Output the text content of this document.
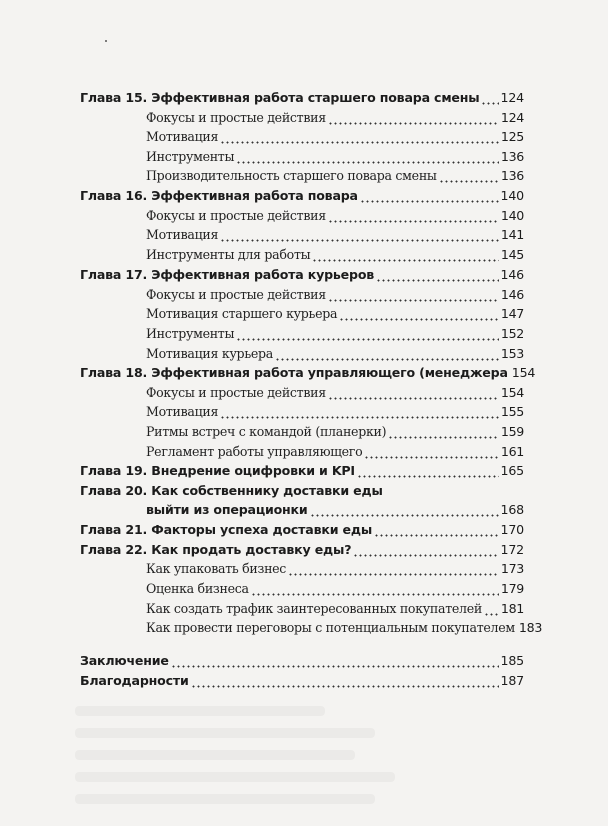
Глава 15. Эффективная работа старшего повара смены 124
Фокусы и простые действия	124
Мотивация	125
Инструменты	136
Производительность старшего повара смены	136
Глава 16. Эффективная работа повара	140
Фокусы и простые действия	140
Мотивация	141
Инструменты для работы	145
Глава 17. Эффективная работа курьеров	146
Фокусы и простые действия	146
Мотивация старшего курьера	147
Инструменты	152
Мотивация курьера	153
Глава 18. Эффективная работа управляющего (менеджера 154
Фокусы и простые действия	154
Мотивация	155
Ритмы встреч с командой (планерки)	159
Регламент работы управляющего	161
Глава 19. Внедрение оцифровки и KPI	165
Глава 20. Как собственнику доставки еды
выйти из операционки	168
Глава 21. Факторы успеха доставки еды	170
Глава 22. Как продать доставку еды?	172
Как упаковать бизнес	173
Оценка бизнеса	179
Как создать трафик заинтересованных покупателей 181
Как провести переговоры с потенциальным покупателем 183
Заключение	185
Благодарности	187
